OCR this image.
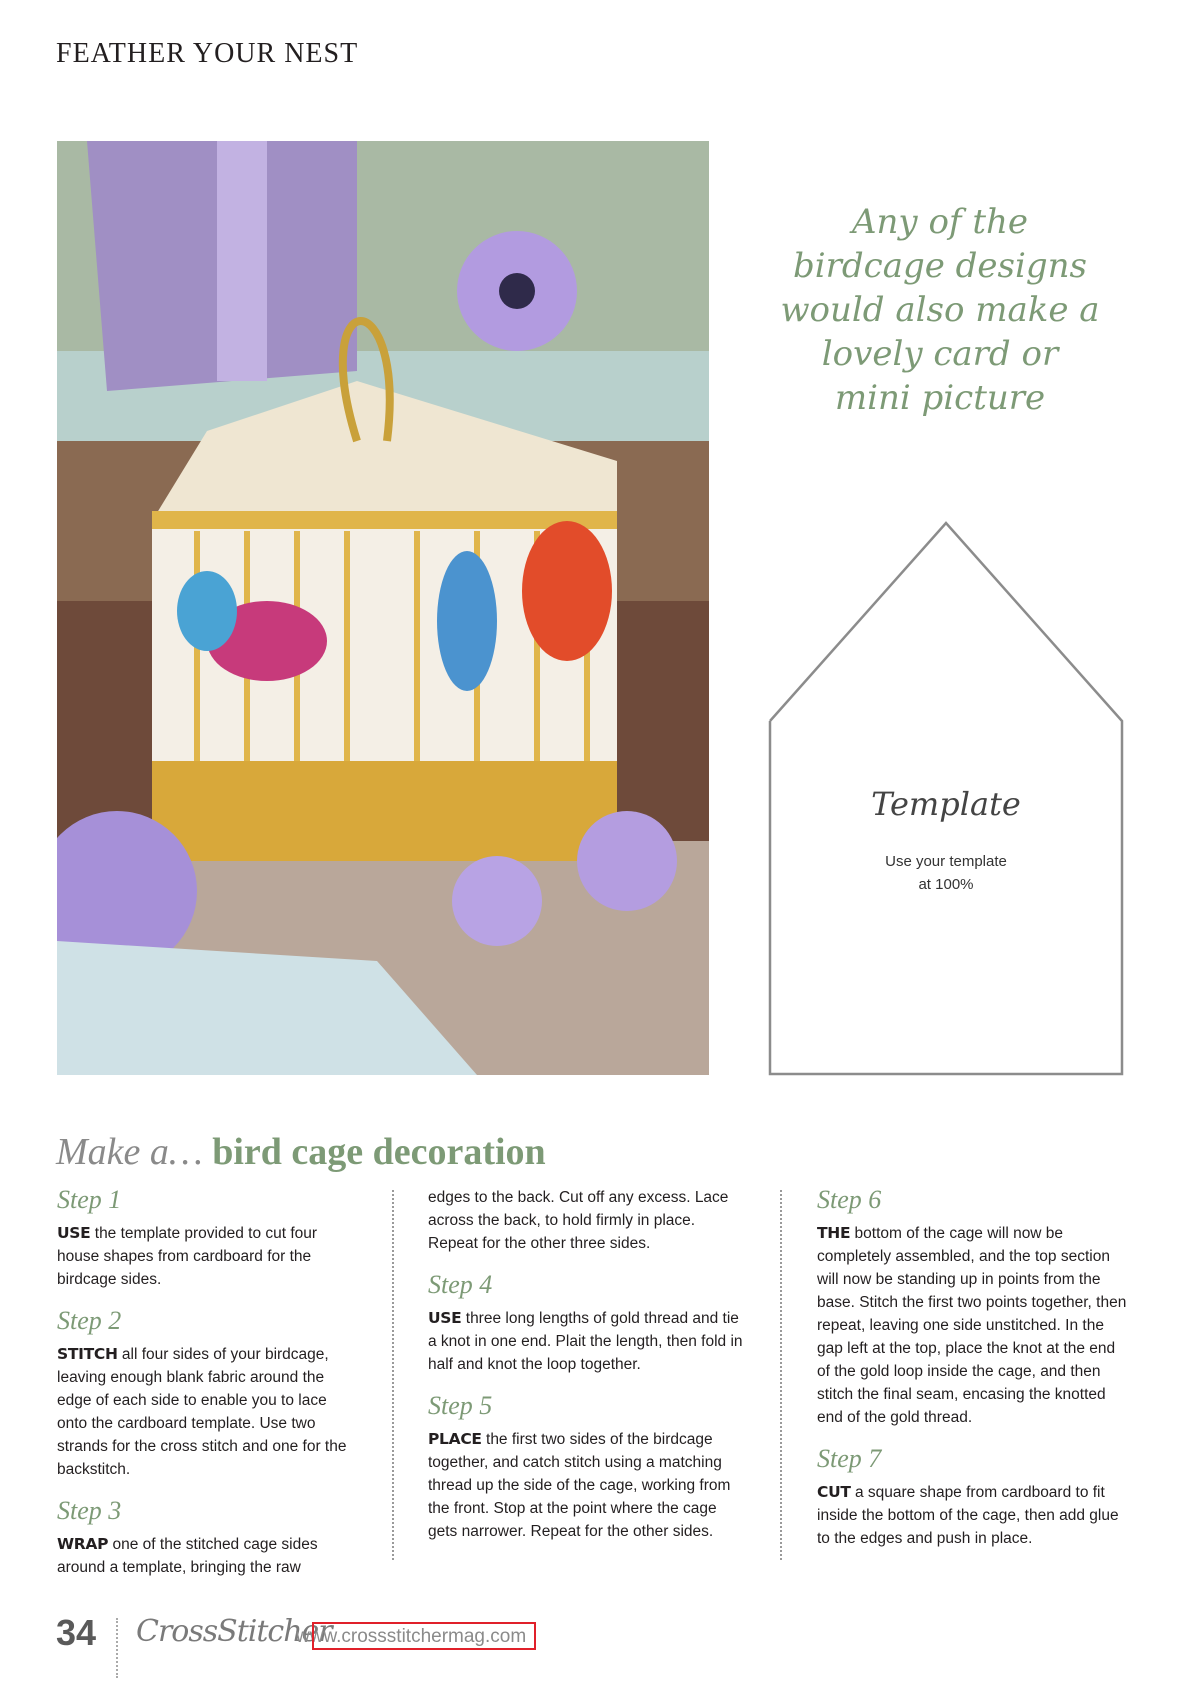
FEATHER YOUR NEST
Any of the
birdcage designs
would also make a
lovely card or
mini picture
Template
Use your template
at 100%
Make a… bird cage decoration
Step 1

USE the template provided to cut four house shapes from cardboard for the birdcage sides.

Step 2

STITCH all four sides of your birdcage, leaving enough blank fabric around the edge of each side to enable you to lace onto the cardboard template. Use two strands for the cross stitch and one for the backstitch.

Step 3

WRAP one of the stitched cage sides around a template, bringing the raw

edges to the back. Cut off any excess. Lace across the back, to hold firmly in place. Repeat for the other three sides.

Step 4

USE three long lengths of gold thread and tie a knot in one end. Plait the length, then fold in half and knot the loop together.

Step 5

PLACE the first two sides of the birdcage together, and catch stitch using a matching thread up the side of the cage, working from the front. Stop at the point where the cage gets narrower. Repeat for the other sides.

Step 6

THE bottom of the cage will now be completely assembled, and the top section will now be standing up in points from the base. Stitch the first two points together, then repeat, leaving one side unstitched. In the gap left at the top, place the knot at the end of the gold loop inside the cage, and then stitch the final seam, encasing the knotted end of the gold thread.

Step 7

CUT a square shape from cardboard to fit inside the bottom of the cage, then add glue to the edges and push in place.

34 CrossStitcher
www.crossstitchermag.com
